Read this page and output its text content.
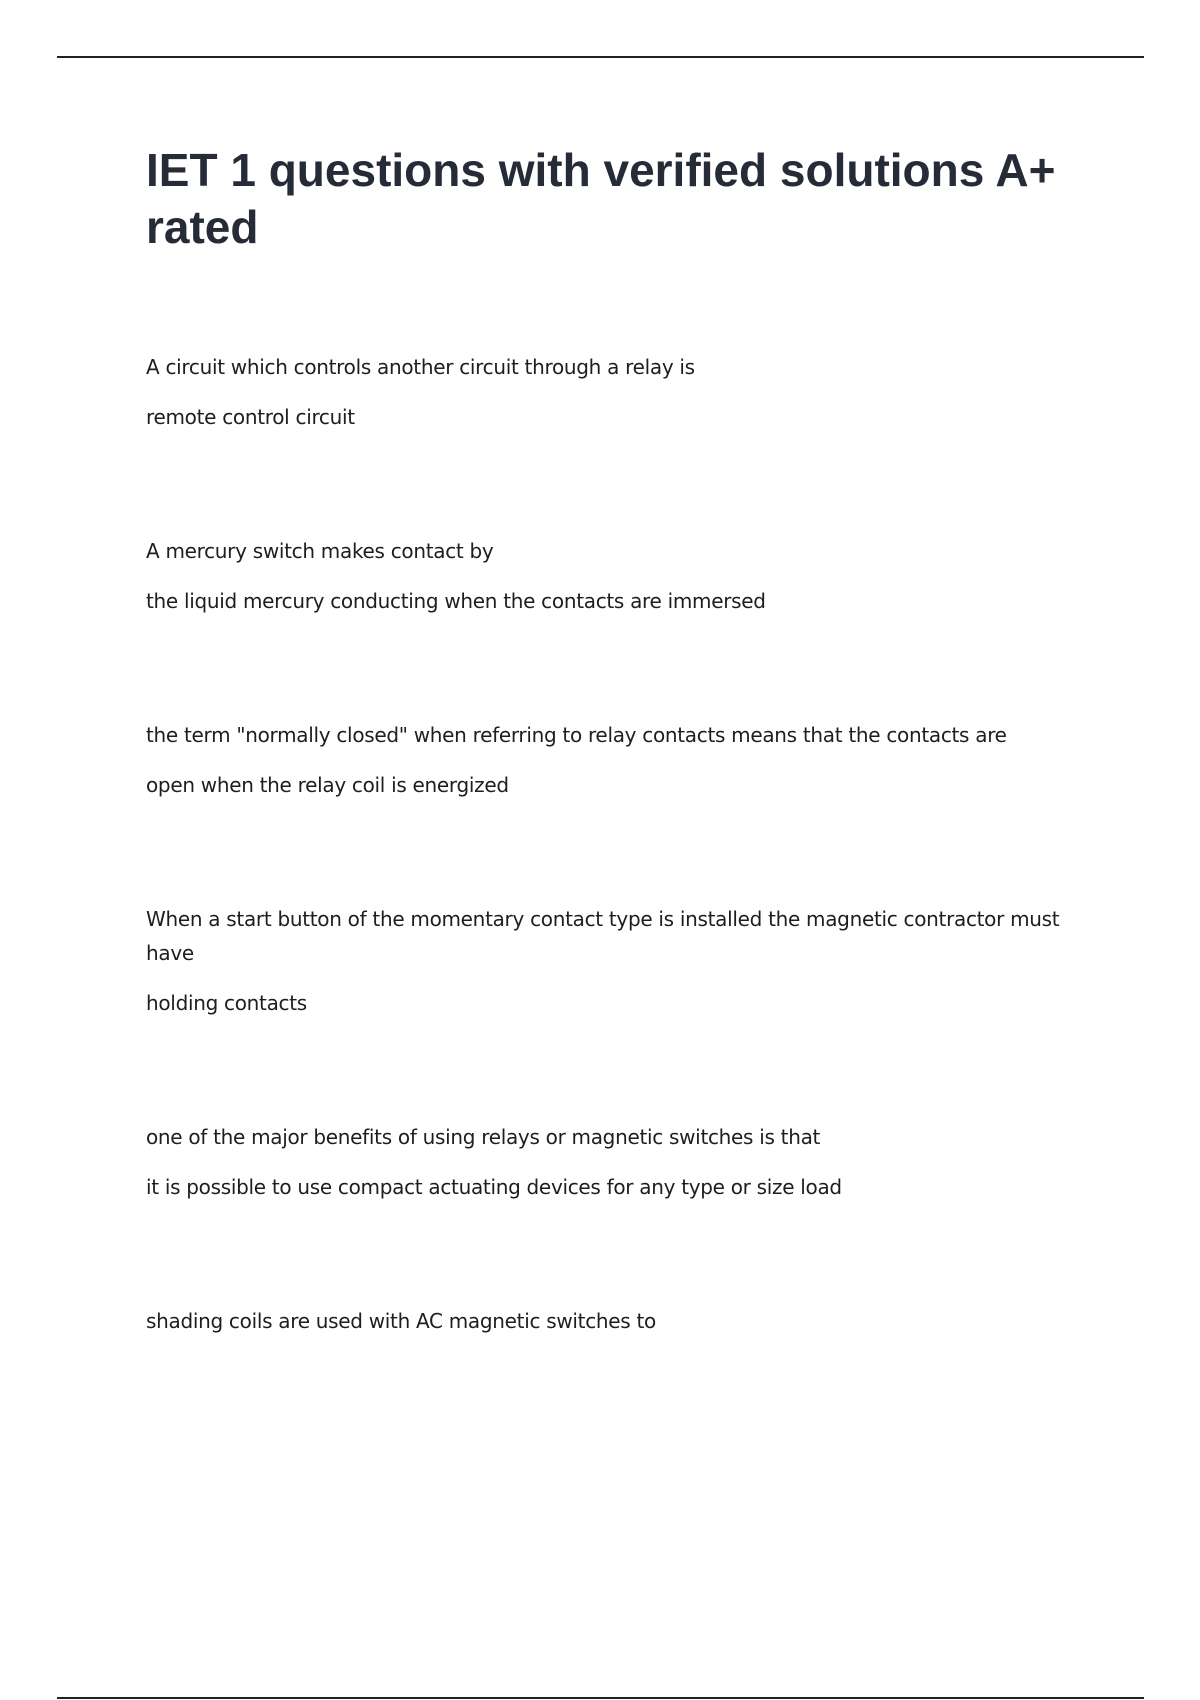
IET 1 questions with verified solutions A+ rated

A circuit which controls another circuit through a relay is

remote control circuit

A mercury switch makes contact by

the liquid mercury conducting when the contacts are immersed

the term "normally closed" when referring to relay contacts means that the contacts are

open when the relay coil is energized

When a start button of the momentary contact type is installed the magnetic contractor must have

holding contacts

one of the major benefits of using relays or magnetic switches is that

it is possible to use compact actuating devices for any type or size load

shading coils are used with AC magnetic switches to
